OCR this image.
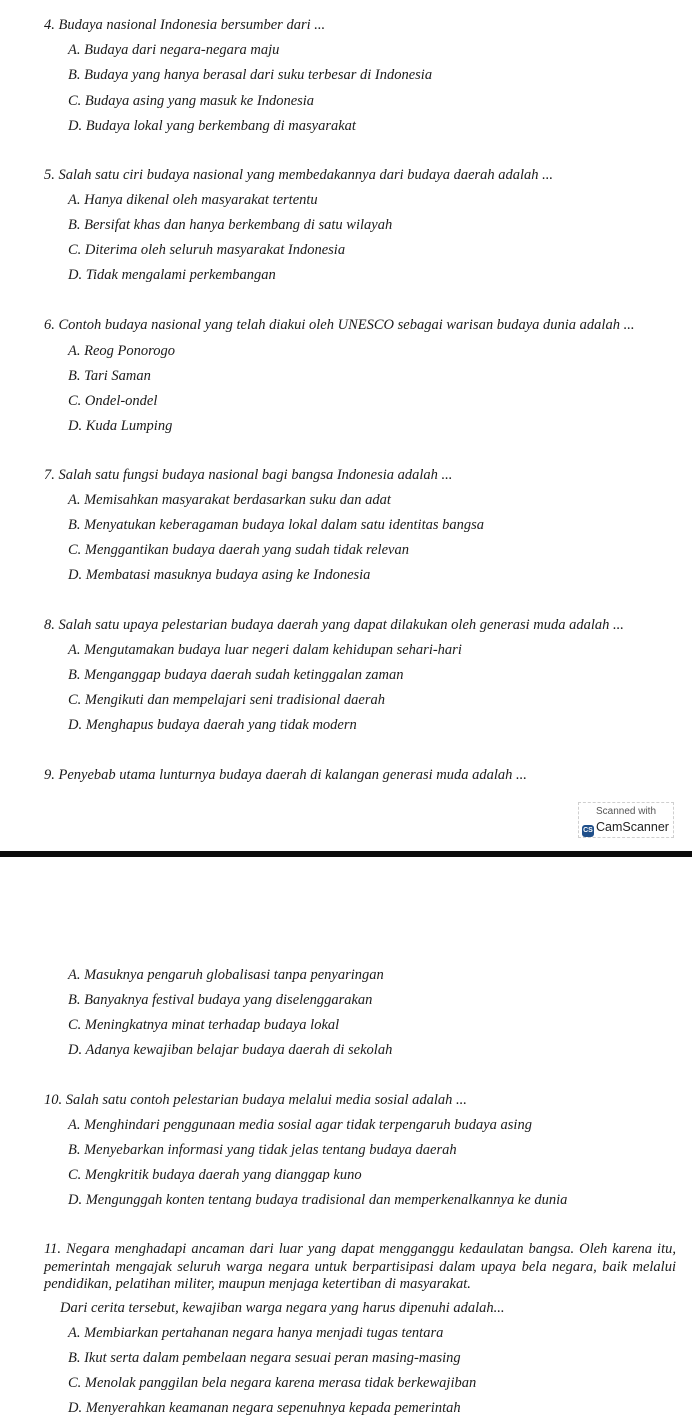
4. Budaya nasional Indonesia bersumber dari ...
A. Budaya dari negara-negara maju
B. Budaya yang hanya berasal dari suku terbesar di Indonesia
C. Budaya asing yang masuk ke Indonesia
D. Budaya lokal yang berkembang di masyarakat
5. Salah satu ciri budaya nasional yang membedakannya dari budaya daerah adalah ...
A. Hanya dikenal oleh masyarakat tertentu
B. Bersifat khas dan hanya berkembang di satu wilayah
C. Diterima oleh seluruh masyarakat Indonesia
D. Tidak mengalami perkembangan
6. Contoh budaya nasional yang telah diakui oleh UNESCO sebagai warisan budaya dunia adalah ...
A. Reog Ponorogo
B. Tari Saman
C. Ondel-ondel
D. Kuda Lumping
7. Salah satu fungsi budaya nasional bagi bangsa Indonesia adalah ...
A. Memisahkan masyarakat berdasarkan suku dan adat
B. Menyatukan keberagaman budaya lokal dalam satu identitas bangsa
C. Menggantikan budaya daerah yang sudah tidak relevan
D. Membatasi masuknya budaya asing ke Indonesia
8. Salah satu upaya pelestarian budaya daerah yang dapat dilakukan oleh generasi muda adalah ...
A. Mengutamakan budaya luar negeri dalam kehidupan sehari-hari
B. Menganggap budaya daerah sudah ketinggalan zaman
C. Mengikuti dan mempelajari seni tradisional daerah
D. Menghapus budaya daerah yang tidak modern
9. Penyebab utama lunturnya budaya daerah di kalangan generasi muda adalah ...
Scanned with
CS CamScanner
A. Masuknya pengaruh globalisasi tanpa penyaringan
B. Banyaknya festival budaya yang diselenggarakan
C. Meningkatnya minat terhadap budaya lokal
D. Adanya kewajiban belajar budaya daerah di sekolah
10. Salah satu contoh pelestarian budaya melalui media sosial adalah ...
A. Menghindari penggunaan media sosial agar tidak terpengaruh budaya asing
B. Menyebarkan informasi yang tidak jelas tentang budaya daerah
C. Mengkritik budaya daerah yang dianggap kuno
D. Mengunggah konten tentang budaya tradisional dan memperkenalkannya ke dunia
11. Negara menghadapi ancaman dari luar yang dapat mengganggu kedaulatan bangsa. Oleh karena itu, pemerintah mengajak seluruh warga negara untuk berpartisipasi dalam upaya bela negara, baik melalui pendidikan, pelatihan militer, maupun menjaga ketertiban di masyarakat.
Dari cerita tersebut, kewajiban warga negara yang harus dipenuhi adalah...
A. Membiarkan pertahanan negara hanya menjadi tugas tentara
B. Ikut serta dalam pembelaan negara sesuai peran masing-masing
C. Menolak panggilan bela negara karena merasa tidak berkewajiban
D. Menyerahkan keamanan negara sepenuhnya kepada pemerintah
